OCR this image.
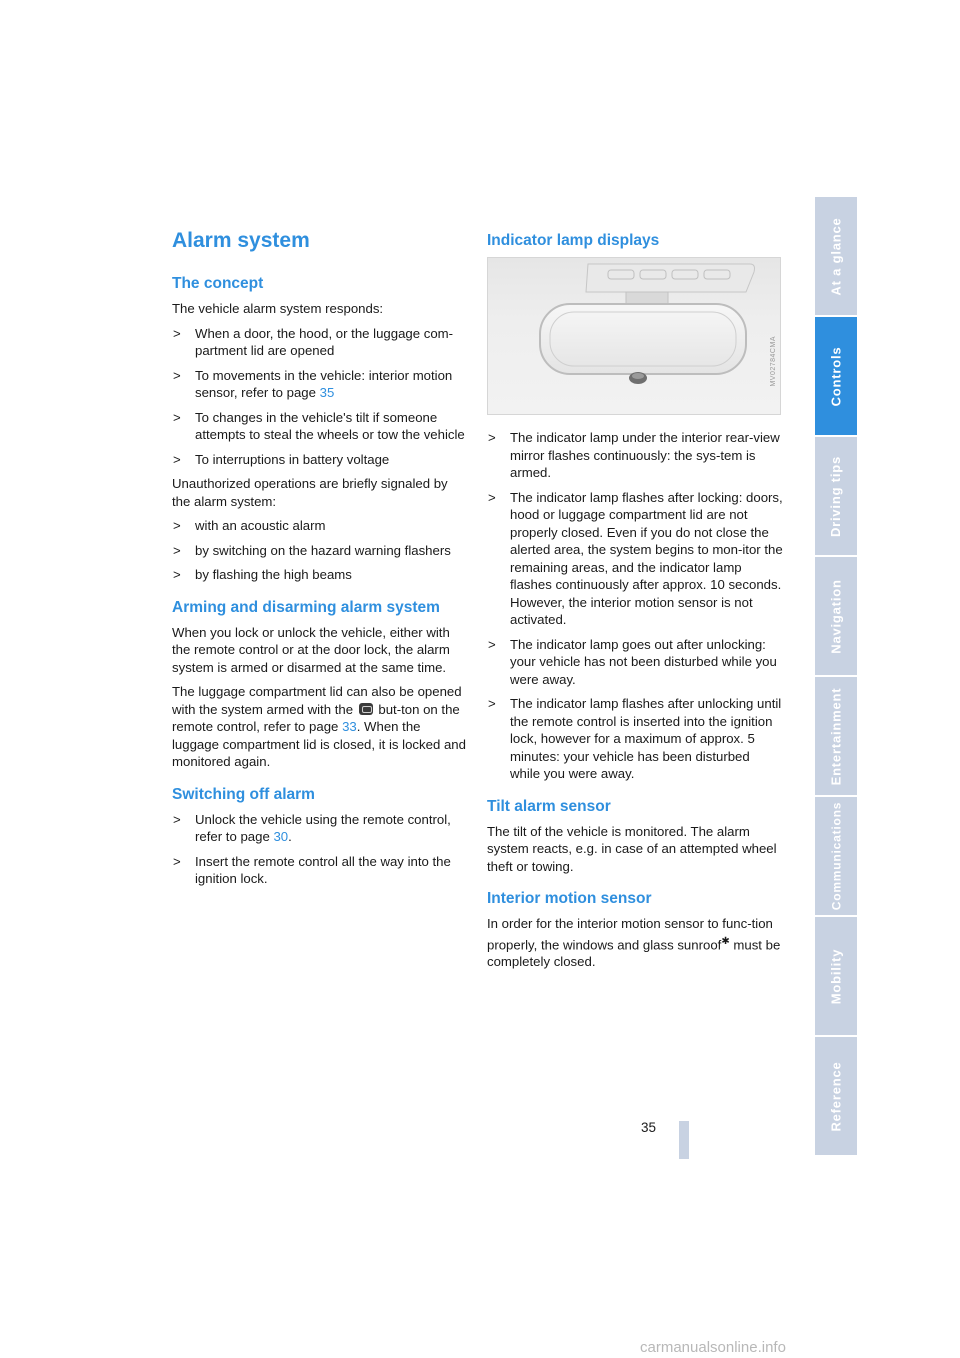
Alarm system
The concept

The vehicle alarm system responds:

> When a door, the hood, or the luggage com-partment lid are opened
> To movements in the vehicle: interior motion sensor, refer to page 35
> To changes in the vehicle's tilt if someone attempts to steal the wheels or tow the vehicle
> To interruptions in battery voltage

Unauthorized operations are briefly signaled by the alarm system:

> with an acoustic alarm
> by switching on the hazard warning flashers
> by flashing the high beams
Arming and disarming alarm system

When you lock or unlock the vehicle, either with the remote control or at the door lock, the alarm system is armed or disarmed at the same time.

The luggage compartment lid can also be opened with the system armed with the  but-ton on the remote control, refer to page 33. When the luggage compartment lid is closed, it is locked and monitored again.

Switching off alarm
> Unlock the vehicle using the remote control, refer to page 30.
> Insert the remote control all the way into the ignition lock.
Indicator lamp displays
MV02784CMA
> The indicator lamp under the interior rear-view mirror flashes continuously: the sys-tem is armed.
> The indicator lamp flashes after locking: doors, hood or luggage compartment lid are not properly closed. Even if you do not close the alerted area, the system begins to mon-itor the remaining areas, and the indicator lamp flashes continuously after approx. 10 seconds. However, the interior motion sensor is not activated.
> The indicator lamp goes out after unlocking: your vehicle has not been disturbed while you were away.
> The indicator lamp flashes after unlocking until the remote control is inserted into the ignition lock, however for a maximum of approx. 5 minutes: your vehicle has been disturbed while you were away.
Tilt alarm sensor

The tilt of the vehicle is monitored. The alarm system reacts, e.g. in case of an attempted wheel theft or towing.

Interior motion sensor

In order for the interior motion sensor to func-tion properly, the windows and glass sunroof✱ must be completely closed.

At a glance
Controls
Driving tips
Navigation
Entertainment
Communications
Mobility
Reference
35
carmanualsonline.info
